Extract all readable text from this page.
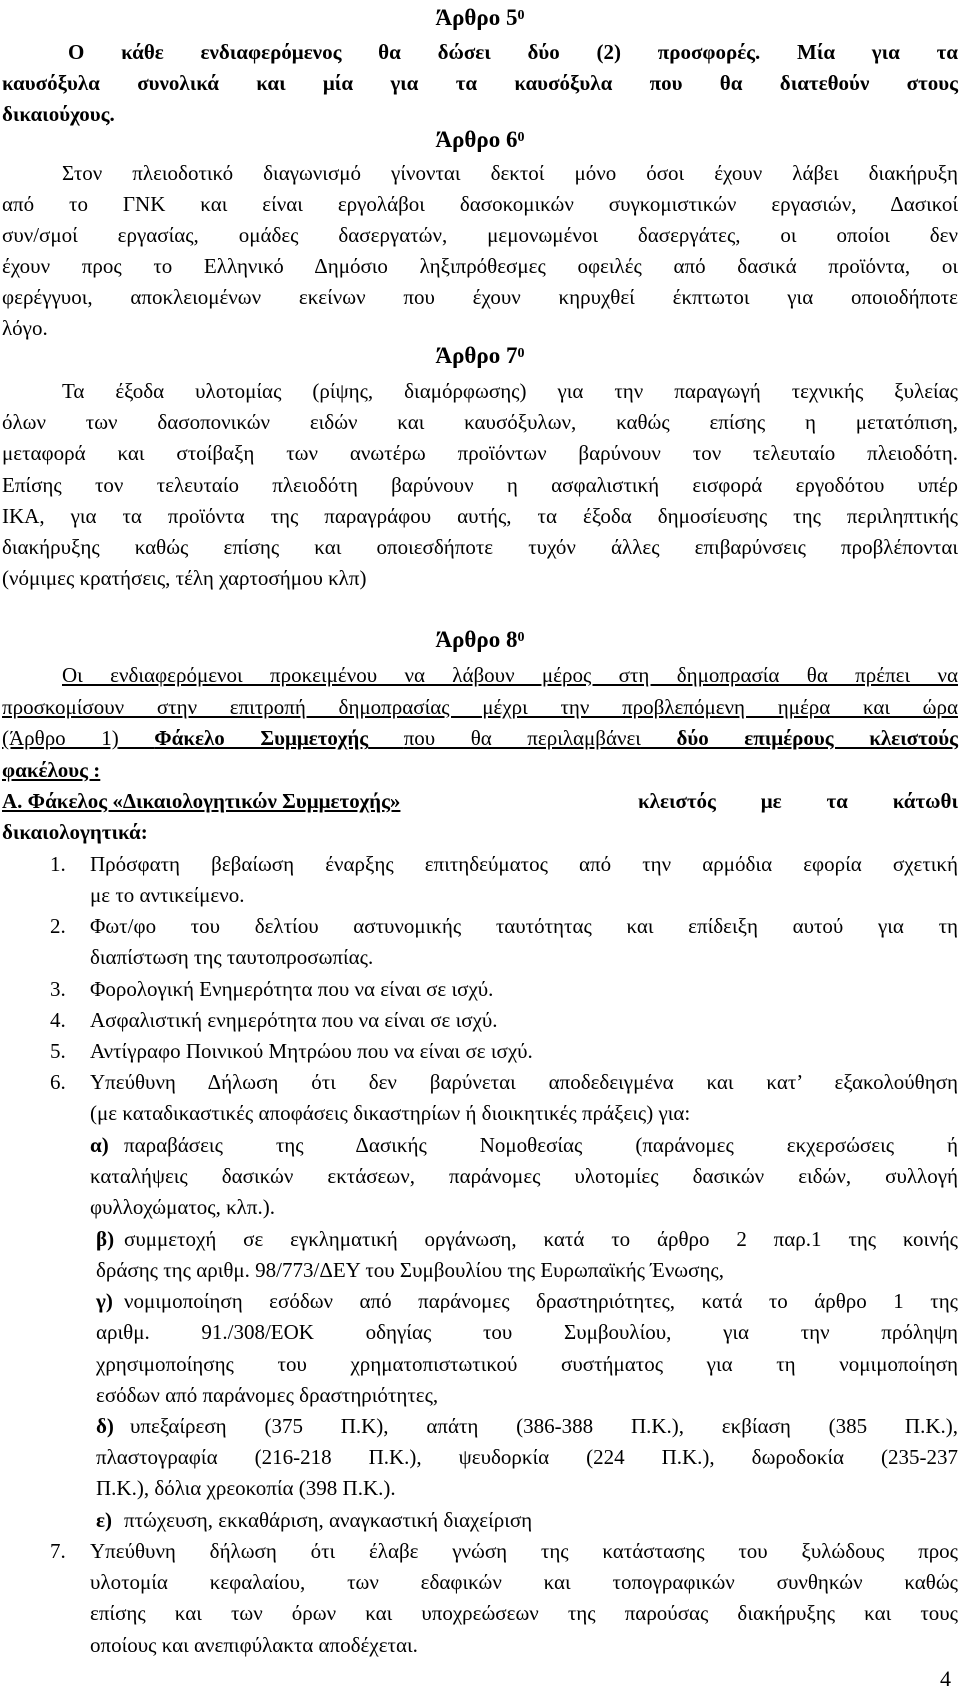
Άρθρο $5^0$
Ο κάθε ενδιαφερόμενος θα δώσει δύο (2) προσφορές. Μία για τα
καυσόξυλα συνολικά και μία για τα καυσόξυλα που θα διατεθούν στους
δικαιούχους.
Άρθρο $6^0$
Στον πλειοδοτικό διαγωνισμό γίνονται δεκτοί μόνο όσοι έχουν λάβει διακήρυξη
από το ΓΝΚ και είναι εργολάβοι δασοκομικών συγκομιστικών εργασιών, Δασικοί
συν/σμοί εργασίας, ομάδες δασεργατών, μεμονωμένοι δασεργάτες, οι οποίοι δεν
έχουν προς το Ελληνικό Δημόσιο ληξιπρόθεσμες οφειλές από δασικά προϊόντα, οι
φερέγγυοι, αποκλειομένων εκείνων που έχουν κηρυχθεί έκπτωτοι για οποιοδήποτε
λόγο.
Άρθρο $7^0$
Τα έξοδα υλοτομίας (ρίψης, διαμόρφωσης) για την παραγωγή τεχνικής ξυλείας
όλων των δασοπονικών ειδών και καυσόξυλων, καθώς επίσης η μετατόπιση,
μεταφορά και στοίβαξη των ανωτέρω προϊόντων βαρύνουν τον τελευταίο πλειοδότη.
Επίσης τον τελευταίο πλειοδότη βαρύνουν η ασφαλιστική εισφορά εργοδότου υπέρ
ΙΚΑ, για τα προϊόντα της παραγράφου αυτής, τα έξοδα δημοσίευσης της περιληπτικής
διακήρυξης καθώς επίσης και οποιεσδήποτε τυχόν άλλες επιβαρύνσεις προβλέπονται
(νόμιμες κρατήσεις, τέλη χαρτοσήμου κλπ)
Άρθρο $8^0$
Οι ενδιαφερόμενοι προκειμένου να λάβουν μέρος στη δημοπρασία θα πρέπει να
προσκομίσουν στην επιτροπή δημοπρασίας μέχρι την προβλεπόμενη ημέρα και ώρα
(Άρθρο 1) Φάκελο Συμμετοχής που θα περιλαμβάνει δύο επιμέρους κλειστούς
φακέλους :
Α. Φάκελος «Δικαιολογητικών Συμμετοχής»	κλειστός με τα κάτωθι
δικαιολογητικά:
1.	Πρόσφατη βεβαίωση έναρξης επιτηδεύματος από την αρμόδια εφορία σχετική
με το αντικείμενο.
2.	Φωτ/φο του δελτίου αστυνομικής ταυτότητας και επίδειξη αυτού για τη
διαπίστωση της ταυτοπροσωπίας.
3.	Φορολογική Ενημερότητα που να είναι σε ισχύ.
4.	Ασφαλιστική ενημερότητα που να είναι σε ισχύ.
5.	Αντίγραφο Ποινικού Μητρώου που να είναι σε ισχύ.
6.	Υπεύθυνη Δήλωση ότι δεν βαρύνεται αποδεδειγμένα και κατ’ εξακολούθηση
(με καταδικαστικές αποφάσεις δικαστηρίων ή διοικητικές πράξεις) για:
α) παραβάσεις της Δασικής Νομοθεσίας (παράνομες εκχερσώσεις ή
καταλήψεις δασικών εκτάσεων, παράνομες υλοτομίες δασικών ειδών, συλλογή
φυλλοχώματος, κλπ.).
β) συμμετοχή σε εγκληματική οργάνωση, κατά το άρθρο 2 παρ.1 της κοινής
δράσης της αριθμ. 98/773/ΔΕΥ του Συμβουλίου της Ευρωπαϊκής Ένωσης,
γ) νομιμοποίηση εσόδων από παράνομες δραστηριότητες, κατά το άρθρο 1 της
αριθμ. 91./308/ΕΟΚ οδηγίας του Συμβουλίου, για την πρόληψη
χρησιμοποίησης του χρηματοπιστωτικού συστήματος για τη νομιμοποίηση
εσόδων από παράνομες δραστηριότητες,
δ) υπεξαίρεση (375 Π.Κ), απάτη (386-388 Π.Κ.), εκβίαση (385 Π.Κ.),
πλαστογραφία (216-218 Π.Κ.), ψευδορκία (224 Π.Κ.), δωροδοκία (235-237
Π.Κ.), δόλια χρεοκοπία (398 Π.Κ.).
ε) πτώχευση, εκκαθάριση, αναγκαστική διαχείριση
7.	Υπεύθυνη δήλωση ότι έλαβε γνώση της κατάστασης του ξυλώδους προς
υλοτομία κεφαλαίου, των εδαφικών και τοπογραφικών συνθηκών καθώς
επίσης και των όρων και υποχρεώσεων της παρούσας διακήρυξης και τους
οποίους και ανεπιφύλακτα αποδέχεται.
4
